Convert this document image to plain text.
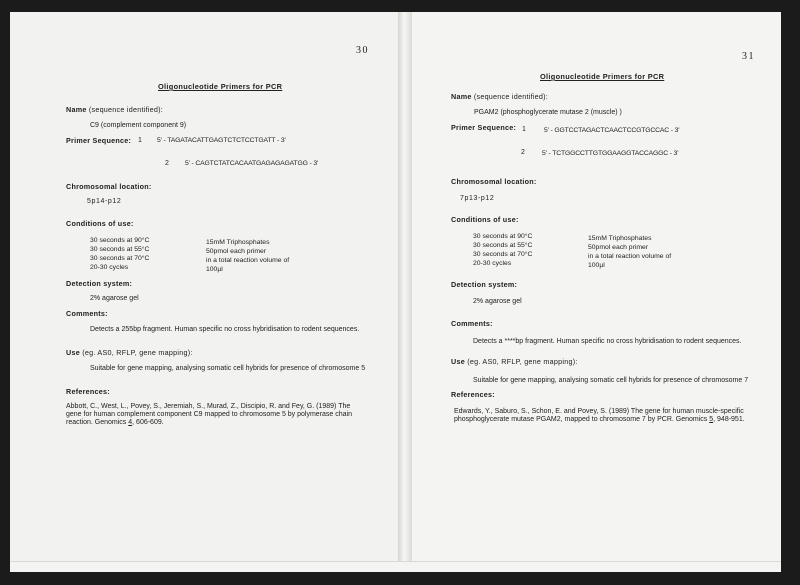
30
Oligonucleotide Primers for PCR
Name (sequence identified):
C9 (complement component 9)
Primer Sequence: 1 5' - TAGATACATTGAGTCTCTCCTGATT - 3'
2 5' - CAGTCTATCACAATGAGAGAGATGG - 3'
Chromosomal location:
5p14-p12
Conditions of use:
30 seconds at 90°C
30 seconds at 55°C
30 seconds at 70°C
20-30 cycles
15mM Triphosphates
50pmol each primer
in a total reaction volume of
100µl
Detection system:
2% agarose gel
Comments:
Detects a 255bp fragment. Human specific no cross hybridisation to rodent sequences.
Use (eg. AS0, RFLP, gene mapping):
Suitable for gene mapping, analysing somatic cell hybrids for presence of chromosome 5
References:
Abbott, C., West, L., Povey, S., Jeremiah, S., Murad, Z., Discipio, R. and Fey, G. (1989) The
gene for human complement component C9 mapped to chromosome 5 by polymerase chain
reaction. Genomics 4, 606-609.
31
Oligonucleotide Primers for PCR
Name (sequence identified):
PGAM2 (phosphoglycerate mutase 2 (muscle) )
Primer Sequence: 1	5' - GGTCCTAGACTCAACTCCGTGCCAC - 3'
2	5' - TCTGGCCTTGTGGAAGGTACCAGGC - 3'
Chromosomal location:
7p13-p12
Conditions of use:
30 seconds at 90°C
30 seconds at 55°C
30 seconds at 70°C
20-30 cycles
15mM Triphosphates
50pmol each primer
in a total reaction volume of
100µl
Detection system:
2% agarose gel
Comments:
Detects a ****bp fragment. Human specific no cross hybridisation to rodent sequences.
Use (eg. AS0, RFLP, gene mapping):
Suitable for gene mapping, analysing somatic cell hybrids for presence of chromosome 7
References:
Edwards, Y., Saburo, S., Schon, E. and Povey, S. (1989) The gene for human muscle-specific
phosphoglycerate mutase PGAM2, mapped to chromosome 7 by PCR. Genomics 5, 948-951.
